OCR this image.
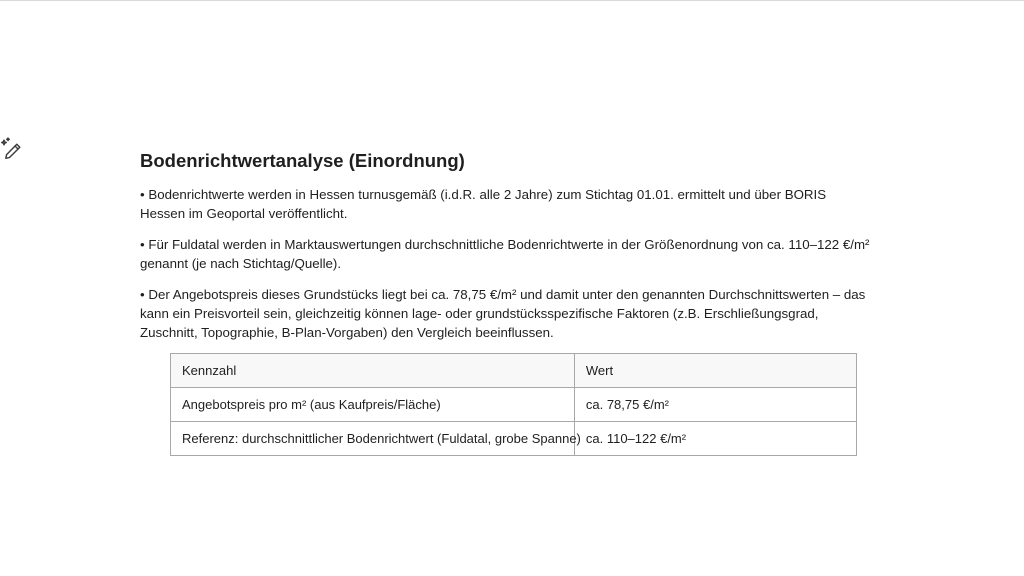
Bodenrichtwertanalyse (Einordnung)

• Bodenrichtwerte werden in Hessen turnusgemäß (i.d.R. alle 2 Jahre) zum Stichtag 01.01. ermittelt und über BORIS Hessen im Geoportal veröffentlicht.

• Für Fuldatal werden in Marktauswertungen durchschnittliche Bodenrichtwerte in der Größenordnung von ca. 110–122 €/m² genannt (je nach Stichtag/Quelle).

• Der Angebotspreis dieses Grundstücks liegt bei ca. 78,75 €/m² und damit unter den genannten Durchschnittswerten – das kann ein Preisvorteil sein, gleichzeitig können lage- oder grundstücksspezifische Faktoren (z.B. Erschließungsgrad, Zuschnitt, Topographie, B-Plan-Vorgaben) den Vergleich beeinflussen.

Kennzahl	Wert
Angebotspreis pro m² (aus Kaufpreis/Fläche)	ca. 78,75 €/m²
Referenz: durchschnittlicher Bodenrichtwert (Fuldatal, grobe Spanne)	ca. 110–122 €/m²
